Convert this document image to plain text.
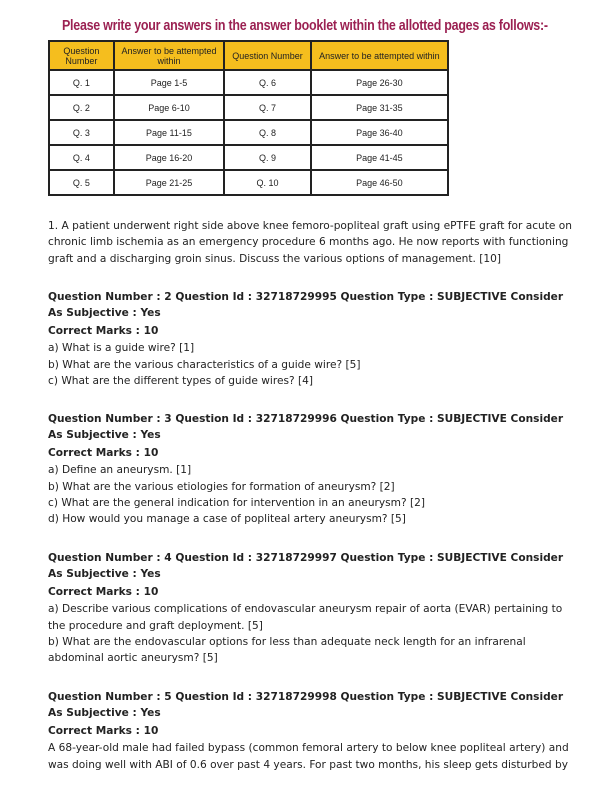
Please write your answers in the answer booklet within the allotted pages as follows:-
Question Number	Answer to be attempted within	Question Number	Answer to be attempted within
Q. 1	Page 1-5	Q. 6	Page 26-30
Q. 2	Page 6-10	Q. 7	Page 31-35
Q. 3	Page 11-15	Q. 8	Page 36-40
Q. 4	Page 16-20	Q. 9	Page 41-45
Q. 5	Page 21-25	Q. 10	Page 46-50
1. A patient underwent right side above knee femoro-popliteal graft using ePTFE graft for acute on chronic limb ischemia as an emergency procedure 6 months ago. He now reports with functioning graft and a discharging groin sinus. Discuss the various options of management. [10]
Question Number : 2 Question Id : 32718729995 Question Type : SUBJECTIVE Consider As Subjective : Yes
Correct Marks : 10
a) What is a guide wire? [1]
b) What are the various characteristics of a guide wire? [5]
c) What are the different types of guide wires? [4]
Question Number : 3 Question Id : 32718729996 Question Type : SUBJECTIVE Consider As Subjective : Yes
Correct Marks : 10
a) Define an aneurysm. [1]
b) What are the various etiologies for formation of aneurysm? [2]
c) What are the general indication for intervention in an aneurysm? [2]
d) How would you manage a case of popliteal artery aneurysm? [5]
Question Number : 4 Question Id : 32718729997 Question Type : SUBJECTIVE Consider As Subjective : Yes
Correct Marks : 10
a) Describe various complications of endovascular aneurysm repair of aorta (EVAR) pertaining to the procedure and graft deployment. [5]
b) What are the endovascular options for less than adequate neck length for an infrarenal abdominal aortic aneurysm? [5]
Question Number : 5 Question Id : 32718729998 Question Type : SUBJECTIVE Consider As Subjective : Yes
Correct Marks : 10
A 68-year-old male had failed bypass (common femoral artery to below knee popliteal artery) and was doing well with ABI of 0.6 over past 4 years. For past two months, his sleep gets disturbed by
